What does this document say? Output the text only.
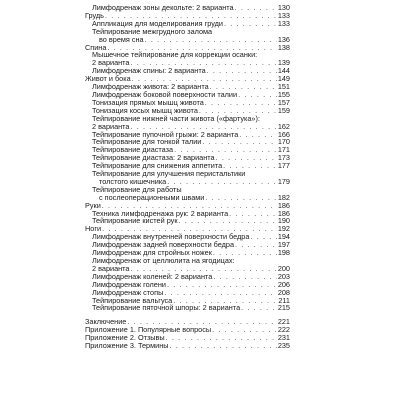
Лимфодренаж зоны декольте: 2 варианта . . .	130
Грудь . . .	133
Аппликация для моделирования груди . . .	133
Тейпирование межгрудного залома
во время сна . . .	136
Спина . . .	138
Мышечное тейпирование для коррекции осанки:
2 варианта . . .	139
Лимфодренаж спины: 2 варианта . . .	144
Живот и бока . . .	149
Лимфодренаж живота: 2 варианта . . .	151
Лимфодренаж боковой поверхности талии . . .	155
Тонизация прямых мышц живота . . .	157
Тонизация косых мышц живота . . .	159
Тейпирование нижней части живота («фартука»):
2 варианта . . .	162
Тейпирование пупочной грыжи: 2 варианта . . .	166
Тейпирование для тонкой талии . . .	170
Тейпирование диастаза . . .	171
Тейпирование диастаза: 2 варианта . . .	173
Тейпирование для снижения аппетита . . .	177
Тейпирование для улучшения перистальтики
толстого кишечника . . .	179
Тейпирование для работы
с послеоперационными швами . . .	182
Руки . . .	186
Техника лимфодренажа рук: 2 варианта . . .	186
Тейпирование кистей рук . . .	190
Ноги . . .	192
Лимфодренаж внутренней поверхности бедра . . .	194
Лимфодренаж задней поверхности бедра . . .	197
Лимфодренаж для стройных ножек . . .	198
Лимфодренаж от целлюлита на ягодицах:
2 варианта . . .	200
Лимфодренаж коленей: 2 варианта . . .	203
Лимфодренаж голени . . .	206
Лимфодренаж стопы . . .	208
Тейпирование вальгуса . . .	211
Тейпирование пяточной шпоры: 2 варианта . . .	215
Заключение . . .	221
Приложение 1. Популярные вопросы . . .	222
Приложение 2. Отзывы . . .	231
Приложение 3. Термины . . .	235
